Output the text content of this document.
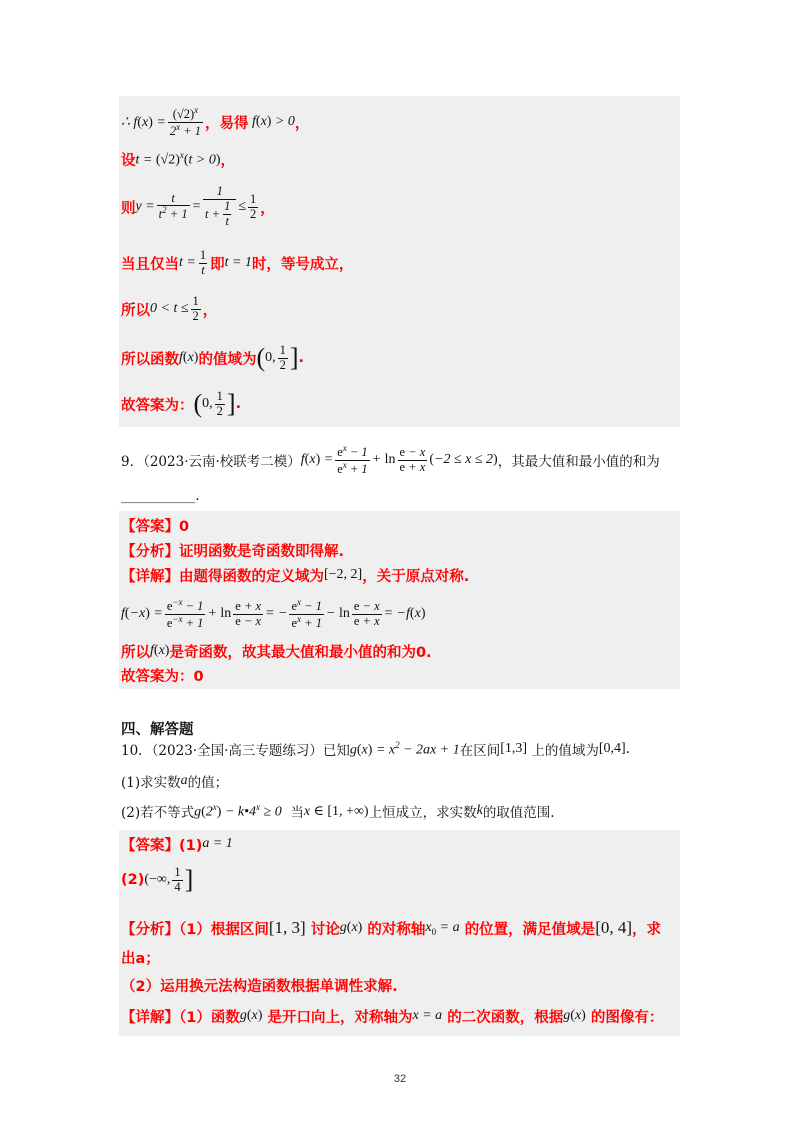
∴ $f(x) = \frac{(√2)^x}{2^x + 1}$ ，易得 f(x) > 0 ，
设 $t = (√2)^x(t > 0)$ ，
则 $y = \frac{t}{t^2 + 1} = \frac{1}{t + \frac{1}{t}} \le \frac{1}{2}$ ，
当且仅当 $t = \frac{1}{t}$ 即 t = 1 时，等号成立，
所以 $0 < t \le \frac{1}{2}$ ，
所以函数 f(x) 的值域为 ( 0, $\frac{1}{2}$ ] .
故答案为： ( 0, $\frac{1}{2}$ ] .
9．（2023·云南·校联考二模） $f(x) = \frac{e^x - 1}{e^x + 1} + \ln \frac{e - x}{e + x} (-2 \le x \le 2)$ ，其最大值和最小值的和为
___________.
【答案】0
【分析】证明函数是奇函数即得解.
【详解】由题得函数的定义域为 [−2, 2] ，关于原点对称.
$f(-x) = \frac{e^{-x} - 1}{e^{-x} + 1} + \ln \frac{e + x}{e - x}$ = − $\frac{e^x - 1}{e^x + 1} - \ln \frac{e - x}{e + x} = -f(x)$
所以 f(x) 是奇函数，故其最大值和最小值的和为0.
故答案为：0
四、解答题
10．（2023·全国·高三专题练习）已知 $g(x) = x^2 - 2ax + 1$ 在区间 [1,3]
上的值域为 [0,4] .
(1)求实数 a 的值；
(2)若不等式 $g(2^x)$ − $k•4^x \ge 0$
当 x ∈ [1, +∞) 上恒成立，求实数 k 的取值范围.
【答案】(1) a = 1
(2) (−∞, $\frac{1}{4}$ ]
【分析】（1）根据区间 [1, 3]
讨论 g(x)
的对称轴 $x_0 = a$
的位置，满足值域是 [0, 4] ，求
出a；
（2）运用换元法构造函数根据单调性求解.
【详解】（1）函数 g(x)
是开口向上，对称轴为 x = a
的二次函数，根据 g(x)
的图像有：
32
